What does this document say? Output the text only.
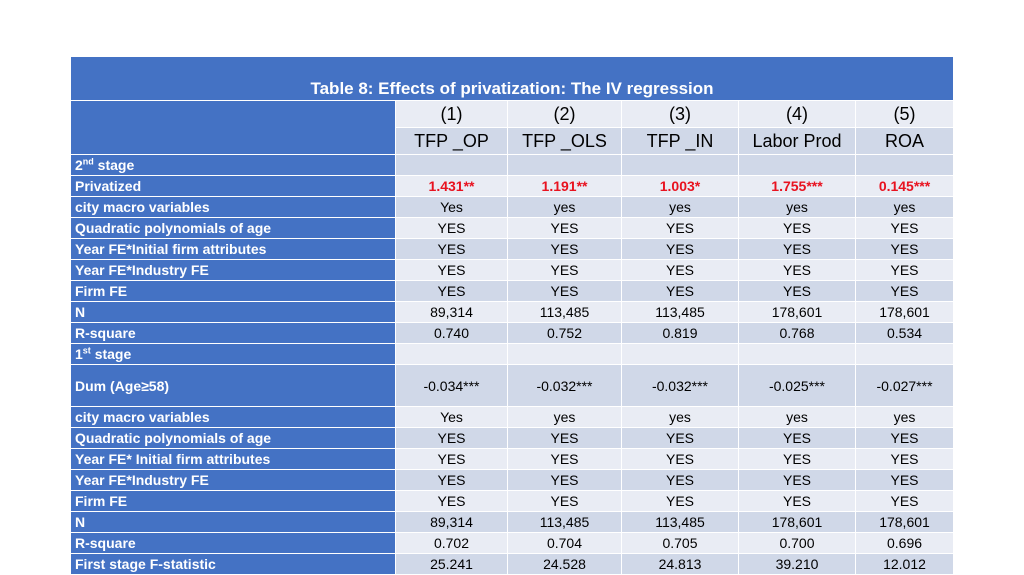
Table 8: Effects of privatization: The IV regression					
	(1)	(2)	(3)	(4)	(5)
	TFP _OP	TFP _OLS	TFP _IN	Labor Prod	ROA
2nd stage					
Privatized	1.431**	1.191**	1.003*	1.755***	0.145***
city macro variables	Yes	yes	yes	yes	yes
Quadratic polynomials of age	YES	YES	YES	YES	YES
Year FE*Initial firm attributes	YES	YES	YES	YES	YES
Year FE*Industry FE	YES	YES	YES	YES	YES
Firm FE	YES	YES	YES	YES	YES
N	89,314	113,485	113,485	178,601	178,601
R-square	0.740	0.752	0.819	0.768	0.534
1st stage					
Dum (Age≥58)	-0.034***	-0.032***	-0.032***	-0.025***	-0.027***
city macro variables	Yes	yes	yes	yes	yes
Quadratic polynomials of age	YES	YES	YES	YES	YES
Year FE* Initial firm attributes	YES	YES	YES	YES	YES
Year FE*Industry FE	YES	YES	YES	YES	YES
Firm FE	YES	YES	YES	YES	YES
N	89,314	113,485	113,485	178,601	178,601
R-square	0.702	0.704	0.705	0.700	0.696
First stage F-statistic	25.241	24.528	24.813	39.210	12.012
